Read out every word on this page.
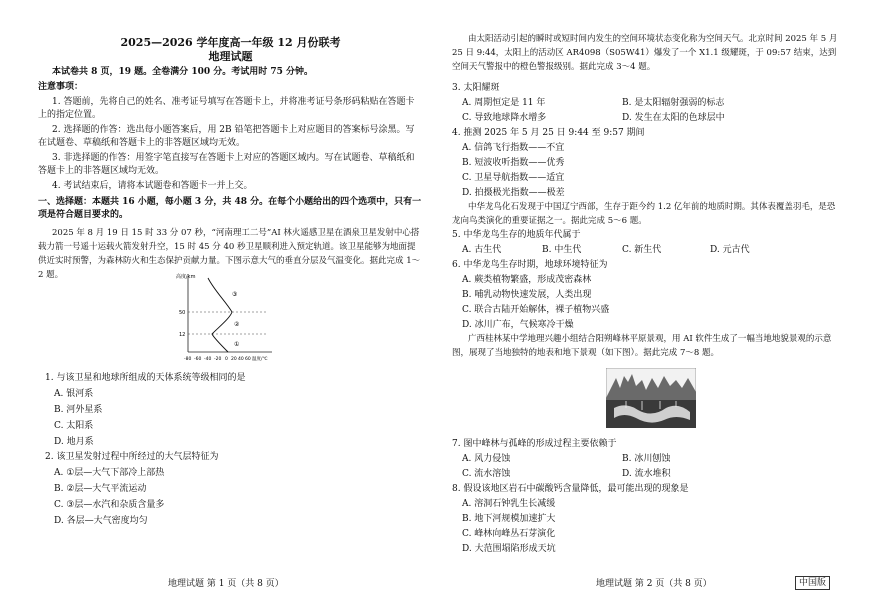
2025—2026 学年度高一年级 12 月份联考
地理试题
本试卷共 8 页，19 题。全卷满分 100 分。考试用时 75 分钟。
注意事项：
1. 答题前，先将自己的姓名、准考证号填写在答题卡上，并将准考证号条形码粘贴在答题卡上的指定位置。
2. 选择题的作答：选出每小题答案后，用 2B 铅笔把答题卡上对应题目的答案标号涂黑。写在试题卷、草稿纸和答题卡上的非答题区域均无效。
3. 非选择题的作答：用签字笔直接写在答题卡上对应的答题区域内。写在试题卷、草稿纸和答题卡上的非答题区域均无效。
4. 考试结束后，请将本试题卷和答题卡一并上交。
一、选择题：本题共 16 小题，每小题 3 分，共 48 分。在每个小题给出的四个选项中，只有一项是符合题目要求的。
2025 年 8 月 19 日 15 时 33 分 07 秒，“河南理工二号”AI 林火遥感卫星在酒泉卫星发射中心搭载力箭一号遥十运载火箭发射升空，15 时 45 分 40 秒卫星顺利进入预定轨道。该卫星能够为地面提供近实时预警，为森林防火和生态保护贡献力量。下图示意大气的垂直分层及气温变化。据此完成 1～2 题。	高度/km
50
12
③
②
①
-80 -60 -40 -20 0 20 40 60 温度/℃
1. 与该卫星和地球所组成的天体系统等级相同的是
A. 银河系
B. 河外星系
C. 太阳系
D. 地月系
2. 该卫星发射过程中所经过的大气层特征为
A. ①层—大气下部冷上部热
B. ②层—大气平流运动
C. ③层—水汽和杂质含量多
D. 各层—大气密度均匀
地理试题 第 1 页（共 8 页）
由太阳活动引起的瞬时或短时间内发生的空间环境状态变化称为空间天气。北京时间 2025 年 5 月 25 日 9:44，太阳上的活动区 AR4098（S05W41）爆发了一个 X1.1 级耀斑，于 09:57 结束，达到空间天气警报中的橙色警报级别。据此完成 3～4 题。
3. 太阳耀斑
A. 周期恒定是 11 年	B. 是太阳辐射强弱的标志
C. 导致地球降水增多	D. 发生在太阳的色球层中
4. 推测 2025 年 5 月 25 日 9:44 至 9:57 期间
A. 信鸽飞行指数——不宜
B. 短波收听指数——优秀
C. 卫星导航指数——适宜
D. 拍摄极光指数——极差
中华龙鸟化石发现于中国辽宁西部，生存于距今约 1.2 亿年前的地质时期。其体表覆盖羽毛，是恐龙向鸟类演化的重要证据之一。据此完成 5～6 题。
5. 中华龙鸟生存的地质年代属于
A. 古生代	B. 中生代	C. 新生代	D. 元古代
6. 中华龙鸟生存时期，地球环境特征为
A. 蕨类植物繁盛，形成茂密森林
B. 哺乳动物快速发展，人类出现
C. 联合古陆开始解体，裸子植物兴盛
D. 冰川广布，气候寒冷干燥
广西桂林某中学地理兴趣小组结合阳朔峰林平原景观，用 AI 软件生成了一幅当地地貌景观的示意图，展现了当地独特的地表和地下景观（如下图）。据此完成 7～8 题。
7. 图中峰林与孤峰的形成过程主要依赖于
A. 风力侵蚀	B. 冰川刨蚀
C. 流水溶蚀	D. 流水堆积
8. 假设该地区岩石中碳酸钙含量降低，最可能出现的现象是
A. 溶洞石钟乳生长减缓
B. 地下河规模加速扩大
C. 峰林向峰丛石芽演化
D. 大范围塌陷形成天坑
地理试题 第 2 页（共 8 页）	中国版
